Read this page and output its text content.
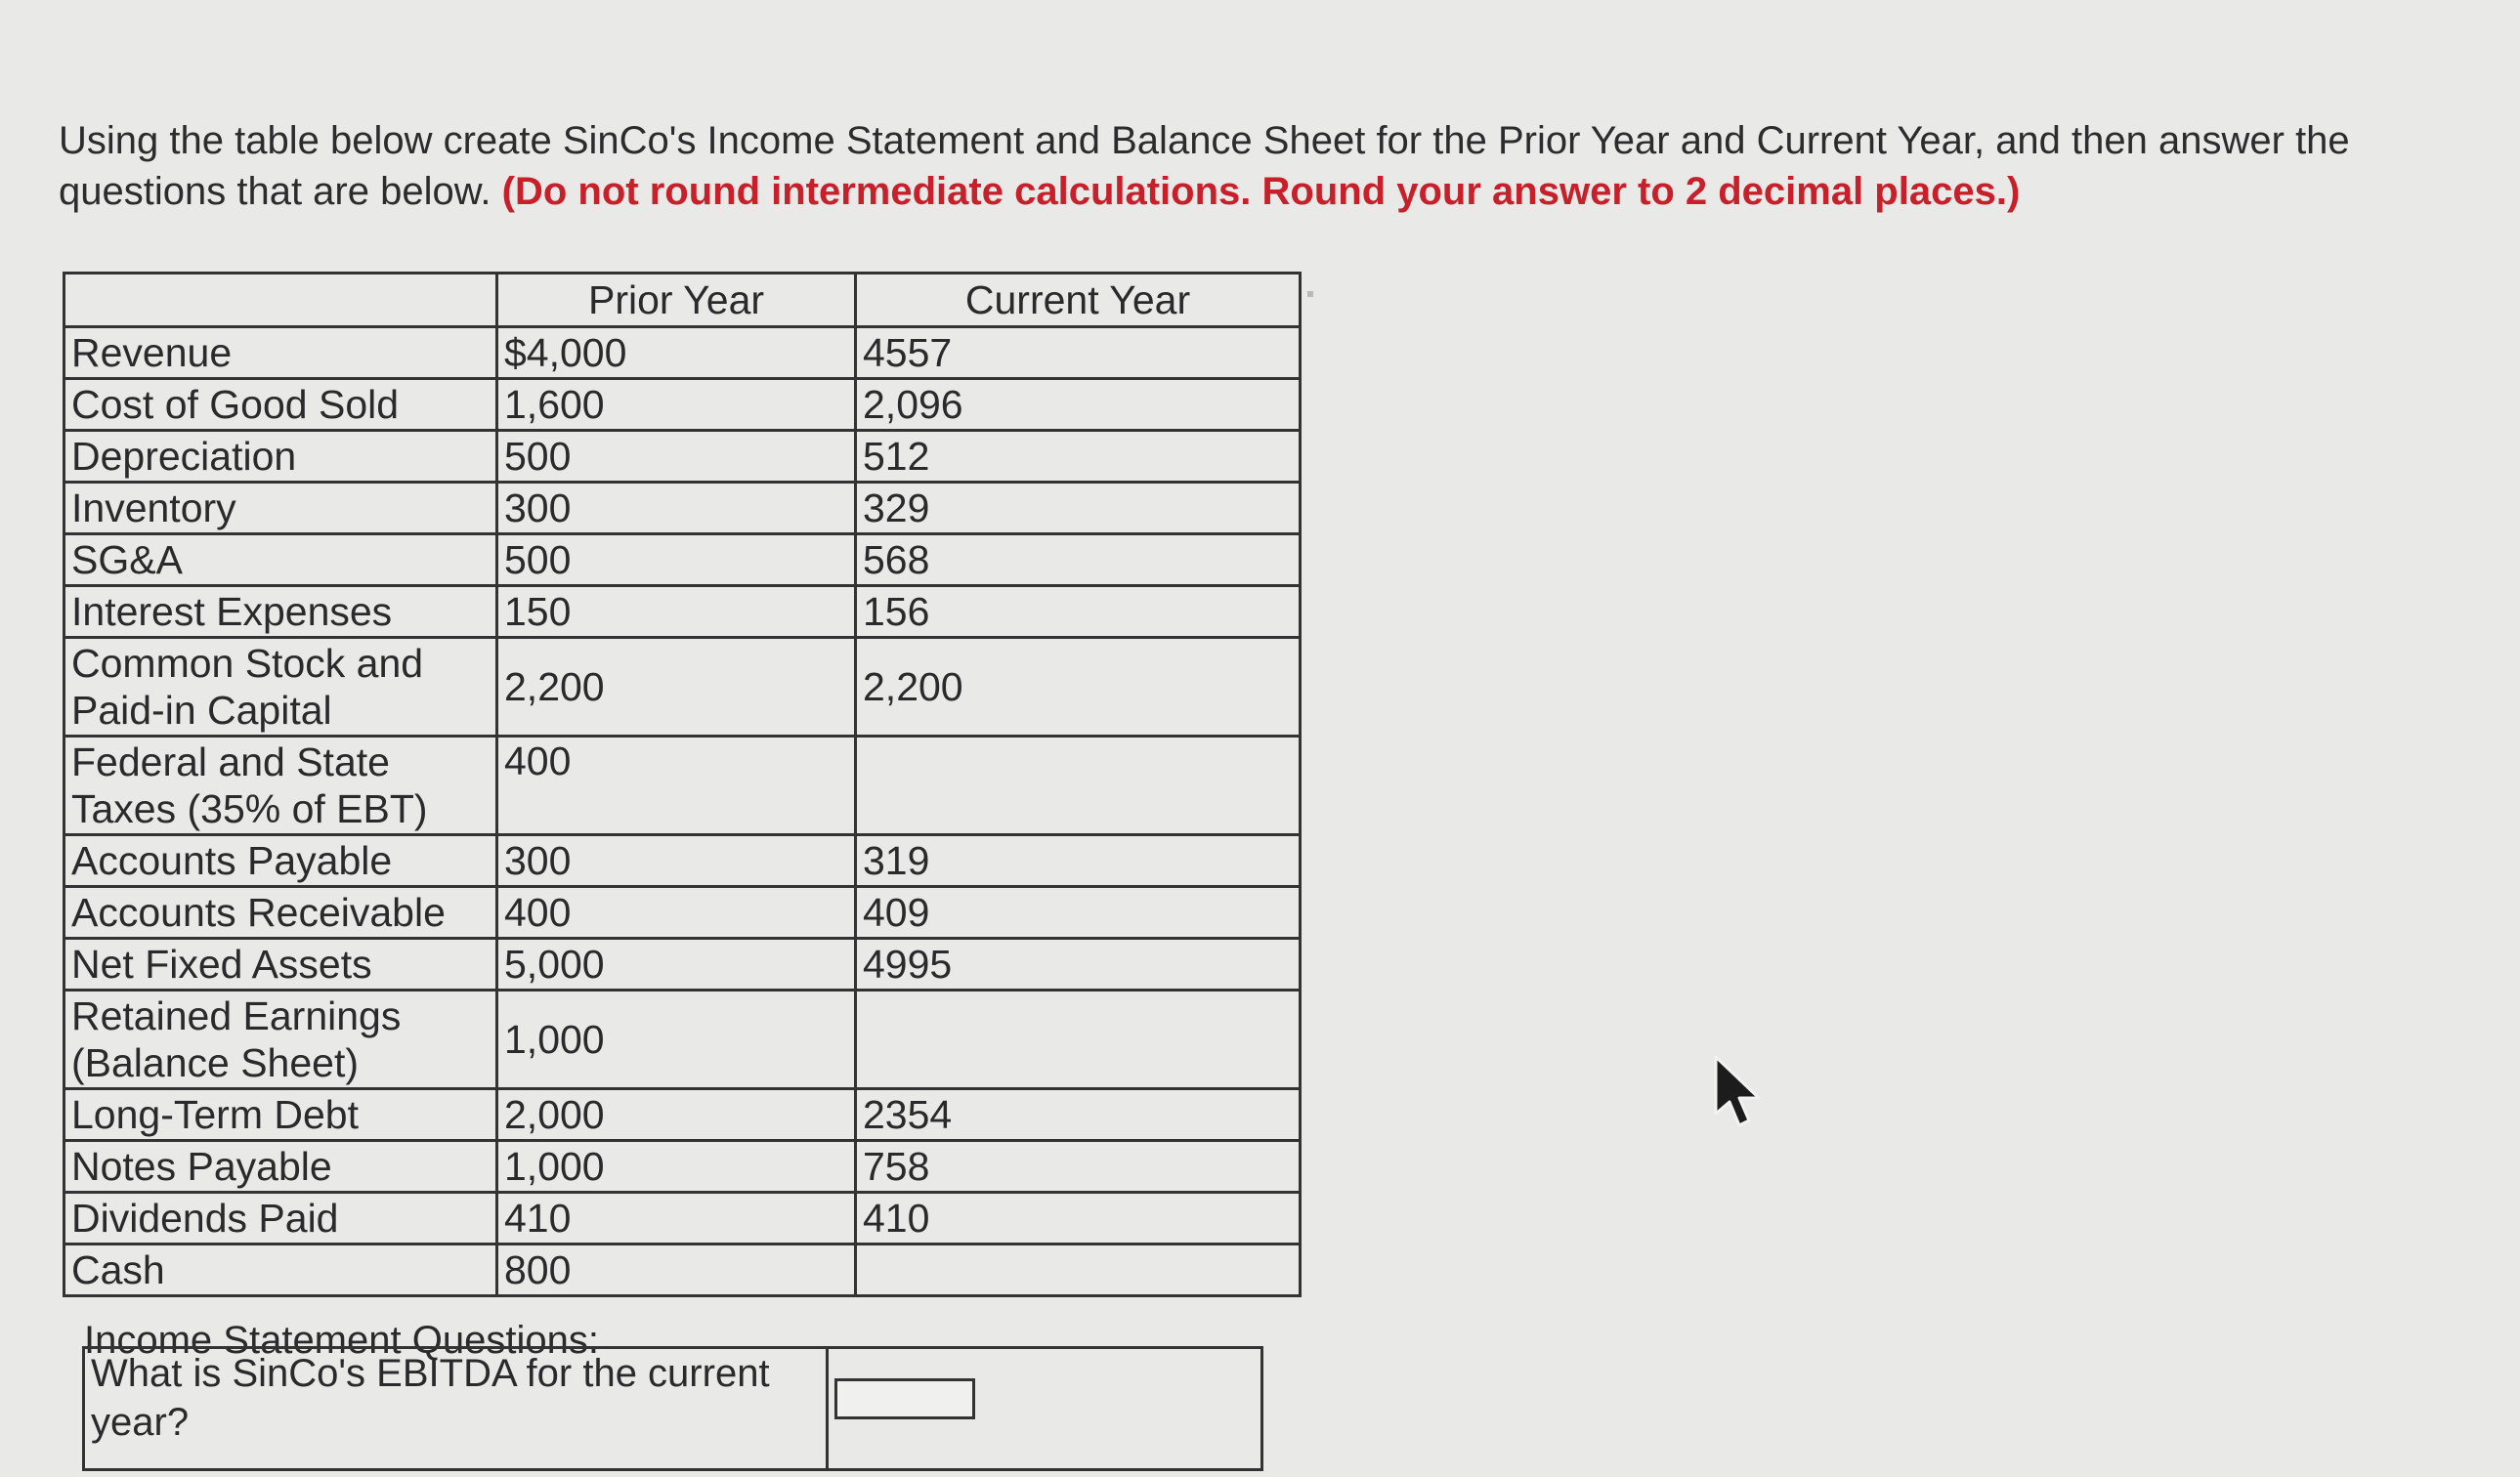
Using the table below create SinCo's Income Statement and Balance Sheet for the Prior Year and Current Year, and then answer the questions that are below. (Do not round intermediate calculations. Round your answer to 2 decimal places.)
	Prior Year	Current Year
Revenue	$4,000	4557
Cost of Good Sold	1,600	2,096
Depreciation	500	512
Inventory	300	329
SG&A	500	568
Interest Expenses	150	156
Common Stock and Paid-in Capital	2,200	2,200
Federal and State Taxes (35% of EBT)	400	
Accounts Payable	300	319
Accounts Receivable	400	409
Net Fixed Assets	5,000	4995
Retained Earnings (Balance Sheet)	1,000	
Long-Term Debt	2,000	2354
Notes Payable	1,000	758
Dividends Paid	410	410
Cash	800	
Income Statement Questions:
What is SinCo's EBITDA for the current year?	
